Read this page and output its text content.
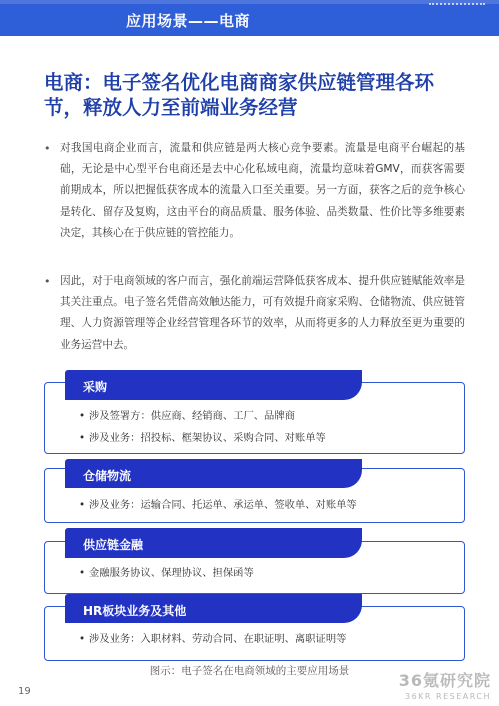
应用场景——电商
电商：电子签名优化电商商家供应链管理各环节，释放人力至前端业务经营
• 对我国电商企业而言，流量和供应链是两大核心竞争要素。流量是电商平台崛起的基础，无论是中心型平台电商还是去中心化私域电商，流量均意味着GMV，而获客需要前期成本，所以把握低获客成本的流量入口至关重要。另一方面，获客之后的竞争核心是转化、留存及复购，这由平台的商品质量、服务体验、品类数量、性价比等多维要素决定，其核心在于供应链的管控能力。
• 因此，对于电商领域的客户而言，强化前端运营降低获客成本、提升供应链赋能效率是其关注重点。电子签名凭借高效触达能力，可有效提升商家采购、仓储物流、供应链管理、人力资源管理等企业经营管理各环节的效率，从而将更多的人力释放至更为重要的业务运营中去。
采购
• 涉及签署方：供应商、经销商、工厂、品牌商
• 涉及业务：招投标、框架协议、采购合同、对账单等
仓储物流
• 涉及业务：运输合同、托运单、承运单、签收单、对账单等
供应链金融
• 金融服务协议、保理协议、担保函等
HR板块业务及其他
• 涉及业务：入职材料、劳动合同、在职证明、离职证明等
图示：电子签名在电商领域的主要应用场景
19
36氪研究院
36KR RESEARCH
